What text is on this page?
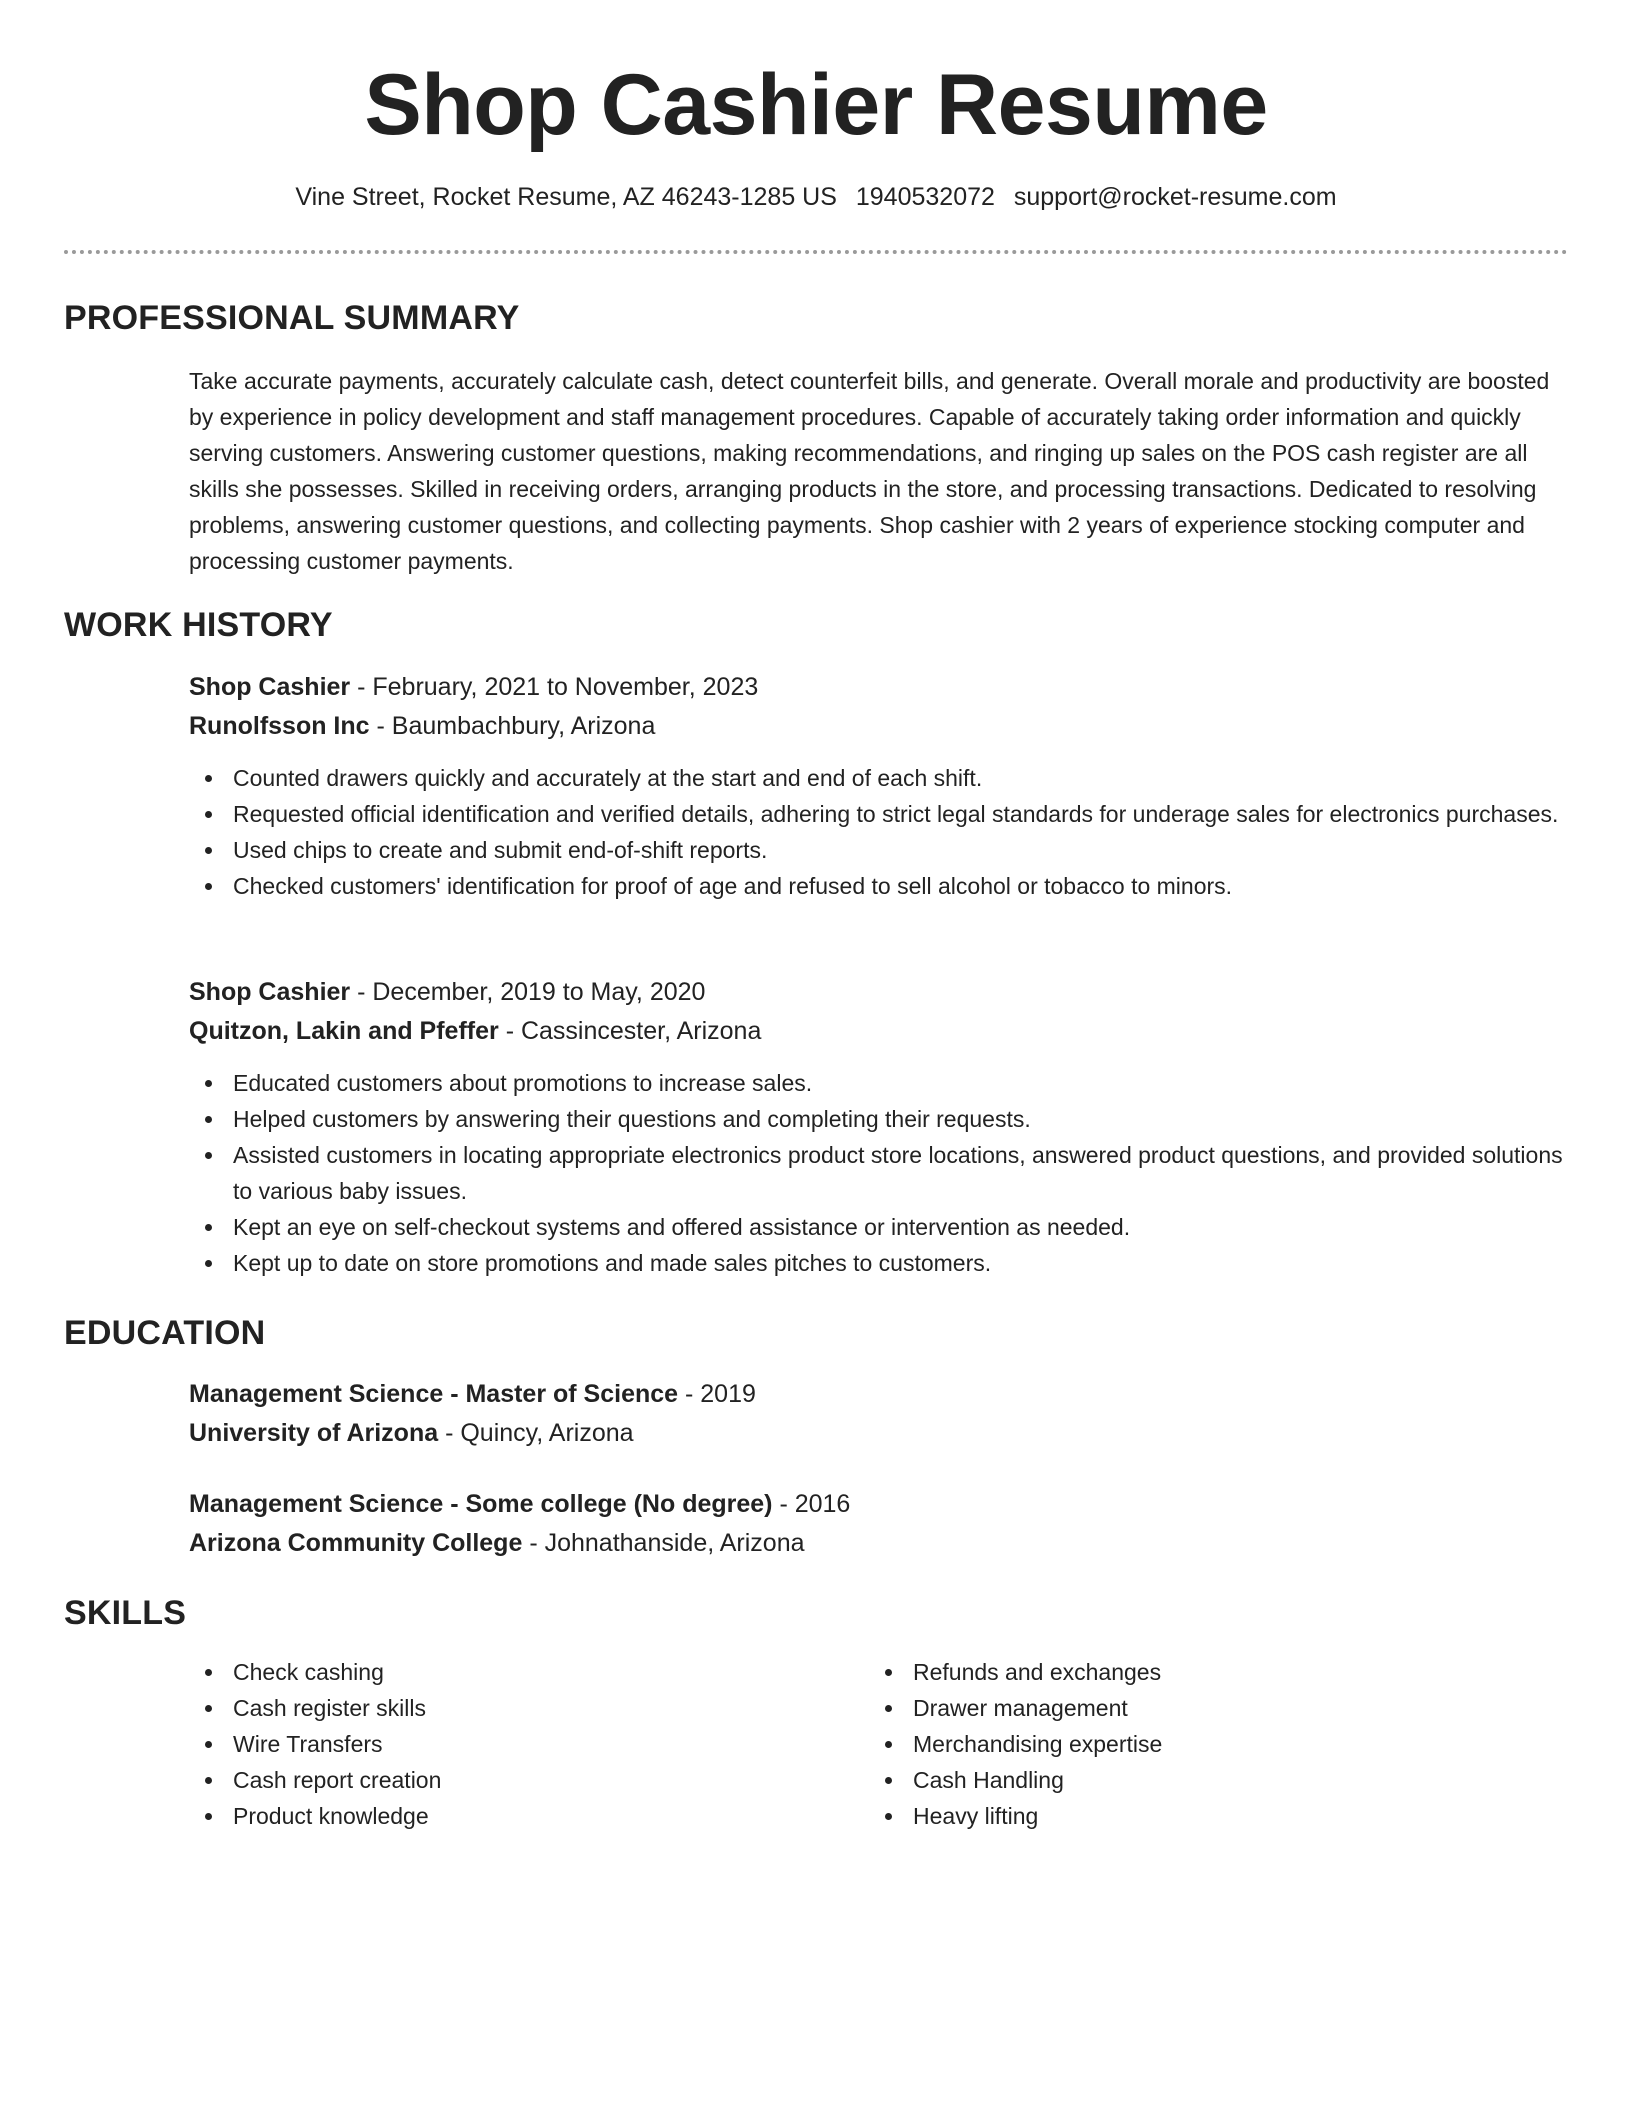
Shop Cashier Resume
Vine Street, Rocket Resume, AZ 46243-1285 US 1940532072 support@rocket-resume.com
PROFESSIONAL SUMMARY

Take accurate payments, accurately calculate cash, detect counterfeit bills, and generate. Overall morale and productivity are boosted by experience in policy development and staff management procedures. Capable of accurately taking order information and quickly serving customers. Answering customer questions, making recommendations, and ringing up sales on the POS cash register are all skills she possesses. Skilled in receiving orders, arranging products in the store, and processing transactions. Dedicated to resolving problems, answering customer questions, and collecting payments. Shop cashier with 2 years of experience stocking computer and processing customer payments.

WORK HISTORY
Shop Cashier - February, 2021 to November, 2023
Runolfsson Inc - Baumbachbury, Arizona
Counted drawers quickly and accurately at the start and end of each shift.
Requested official identification and verified details, adhering to strict legal standards for underage sales for electronics purchases.
Used chips to create and submit end-of-shift reports.
Checked customers' identification for proof of age and refused to sell alcohol or tobacco to minors.
Shop Cashier - December, 2019 to May, 2020
Quitzon, Lakin and Pfeffer - Cassincester, Arizona
Educated customers about promotions to increase sales.
Helped customers by answering their questions and completing their requests.
Assisted customers in locating appropriate electronics product store locations, answered product questions, and provided solutions to various baby issues.
Kept an eye on self-checkout systems and offered assistance or intervention as needed.
Kept up to date on store promotions and made sales pitches to customers.
EDUCATION
Management Science - Master of Science - 2019
University of Arizona - Quincy, Arizona
Management Science - Some college (No degree) - 2016
Arizona Community College - Johnathanside, Arizona
SKILLS
Check cashing
Cash register skills
Wire Transfers
Cash report creation
Product knowledge
Refunds and exchanges
Drawer management
Merchandising expertise
Cash Handling
Heavy lifting
